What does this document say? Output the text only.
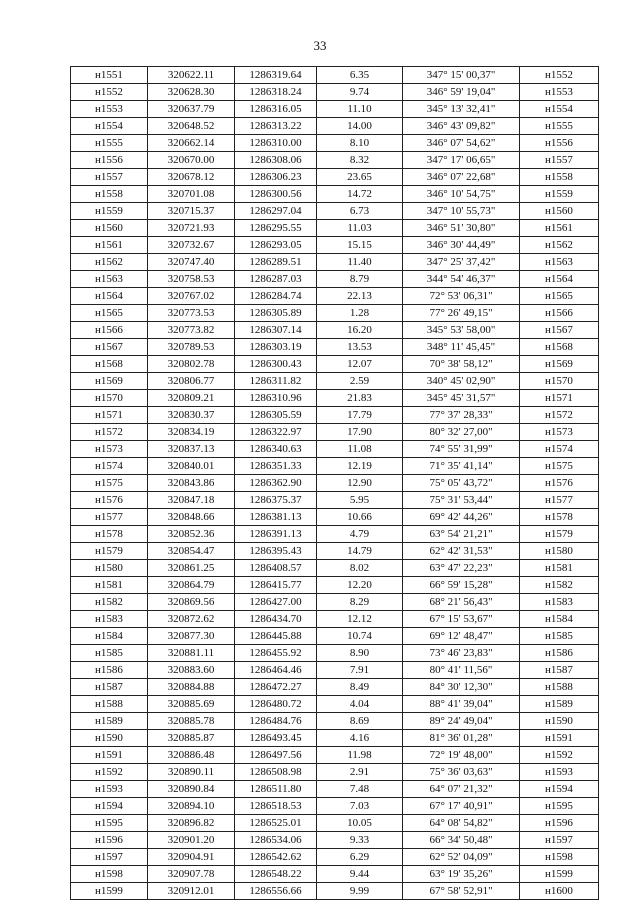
33
н1551	320622.11	1286319.64	6.35	347° 15' 00,37"	н1552
н1552	320628.30	1286318.24	9.74	346° 59' 19,04"	н1553
н1553	320637.79	1286316.05	11.10	345° 13' 32,41"	н1554
н1554	320648.52	1286313.22	14.00	346° 43' 09,82"	н1555
н1555	320662.14	1286310.00	8.10	346° 07' 54,62"	н1556
н1556	320670.00	1286308.06	8.32	347° 17' 06,65"	н1557
н1557	320678.12	1286306.23	23.65	346° 07' 22,68"	н1558
н1558	320701.08	1286300.56	14.72	346° 10' 54,75"	н1559
н1559	320715.37	1286297.04	6.73	347° 10' 55,73"	н1560
н1560	320721.93	1286295.55	11.03	346° 51' 30,80"	н1561
н1561	320732.67	1286293.05	15.15	346° 30' 44,49"	н1562
н1562	320747.40	1286289.51	11.40	347° 25' 37,42"	н1563
н1563	320758.53	1286287.03	8.79	344° 54' 46,37"	н1564
н1564	320767.02	1286284.74	22.13	72° 53' 06,31"	н1565
н1565	320773.53	1286305.89	1.28	77° 26' 49,15"	н1566
н1566	320773.82	1286307.14	16.20	345° 53' 58,00"	н1567
н1567	320789.53	1286303.19	13.53	348° 11' 45,45"	н1568
н1568	320802.78	1286300.43	12.07	70° 38' 58,12"	н1569
н1569	320806.77	1286311.82	2.59	340° 45' 02,90"	н1570
н1570	320809.21	1286310.96	21.83	345° 45' 31,57"	н1571
н1571	320830.37	1286305.59	17.79	77° 37' 28,33"	н1572
н1572	320834.19	1286322.97	17.90	80° 32' 27,00"	н1573
н1573	320837.13	1286340.63	11.08	74° 55' 31,99"	н1574
н1574	320840.01	1286351.33	12.19	71° 35' 41,14"	н1575
н1575	320843.86	1286362.90	12.90	75° 05' 43,72"	н1576
н1576	320847.18	1286375.37	5.95	75° 31' 53,44"	н1577
н1577	320848.66	1286381.13	10.66	69° 42' 44,26"	н1578
н1578	320852.36	1286391.13	4.79	63° 54' 21,21"	н1579
н1579	320854.47	1286395.43	14.79	62° 42' 31,53"	н1580
н1580	320861.25	1286408.57	8.02	63° 47' 22,23"	н1581
н1581	320864.79	1286415.77	12.20	66° 59' 15,28"	н1582
н1582	320869.56	1286427.00	8.29	68° 21' 56,43"	н1583
н1583	320872.62	1286434.70	12.12	67° 15' 53,67"	н1584
н1584	320877.30	1286445.88	10.74	69° 12' 48,47"	н1585
н1585	320881.11	1286455.92	8.90	73° 46' 23,83"	н1586
н1586	320883.60	1286464.46	7.91	80° 41' 11,56"	н1587
н1587	320884.88	1286472.27	8.49	84° 30' 12,30"	н1588
н1588	320885.69	1286480.72	4.04	88° 41' 39,04"	н1589
н1589	320885.78	1286484.76	8.69	89° 24' 49,04"	н1590
н1590	320885.87	1286493.45	4.16	81° 36' 01,28"	н1591
н1591	320886.48	1286497.56	11.98	72° 19' 48,00"	н1592
н1592	320890.11	1286508.98	2.91	75° 36' 03,63"	н1593
н1593	320890.84	1286511.80	7.48	64° 07' 21,32"	н1594
н1594	320894.10	1286518.53	7.03	67° 17' 40,91"	н1595
н1595	320896.82	1286525.01	10.05	64° 08' 54,82"	н1596
н1596	320901.20	1286534.06	9.33	66° 34' 50,48"	н1597
н1597	320904.91	1286542.62	6.29	62° 52' 04,09"	н1598
н1598	320907.78	1286548.22	9.44	63° 19' 35,26"	н1599
н1599	320912.01	1286556.66	9.99	67° 58' 52,91"	н1600
